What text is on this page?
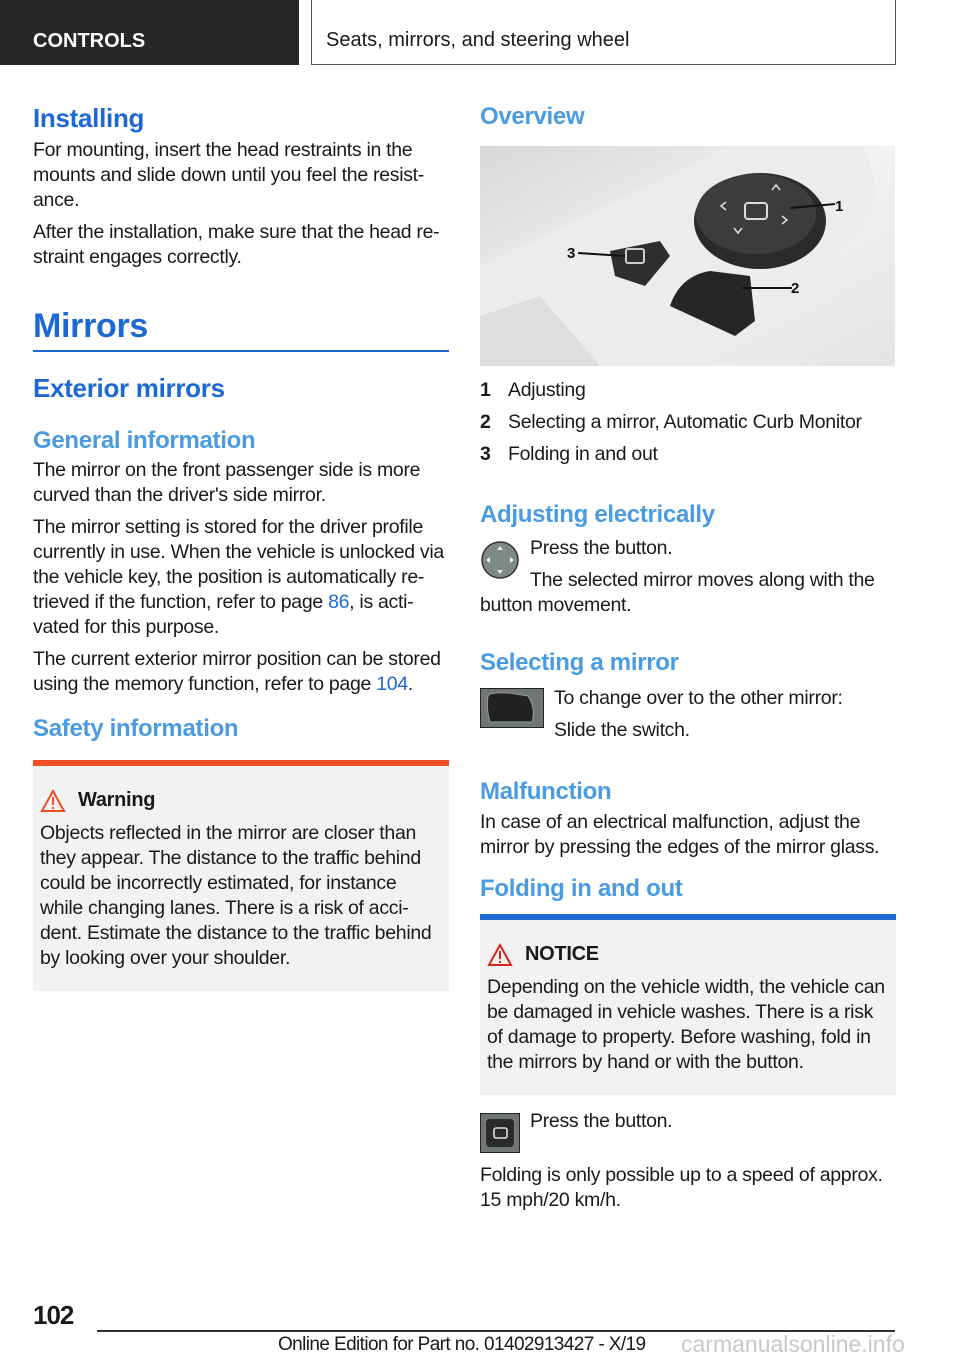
CONTROLS	Seats, mirrors, and steering wheel
Installing

For mounting, insert the head restraints in the mounts and slide down until you feel the resist‐ance.

After the installation, make sure that the head re‐straint engages correctly.

Mirrors
Exterior mirrors
General information

The mirror on the front passenger side is more curved than the driver's side mirror.

The mirror setting is stored for the driver profile currently in use. When the vehicle is unlocked via the vehicle key, the position is automatically re‐trieved if the function, refer to page 86, is acti‐vated for this purpose.

The current exterior mirror position can be stored using the memory function, refer to page 104.

Safety information
Warning
Objects reflected in the mirror are closer than they appear. The distance to the traffic behind could be incorrectly estimated, for instance while changing lanes. There is a risk of acci‐dent. Estimate the distance to the traffic behind by looking over your shoulder.
Overview
1
2
3
1 Adjusting
2 Selecting a mirror, Automatic Curb Monitor
3 Folding in and out
Adjusting electrically

Press the button.

The selected mirror moves along with the button movement.

Selecting a mirror

To change over to the other mirror:

Slide the switch.

Malfunction

In case of an electrical malfunction, adjust the mirror by pressing the edges of the mirror glass.

Folding in and out
NOTICE
Depending on the vehicle width, the vehicle can be damaged in vehicle washes. There is a risk of damage to property. Before washing, fold in the mirrors by hand or with the button.

Press the button.

Folding is only possible up to a speed of approx. 15 mph/20 km/h.

102
Online Edition for Part no. 01402913427 - X/19 carmanualsonline.info
